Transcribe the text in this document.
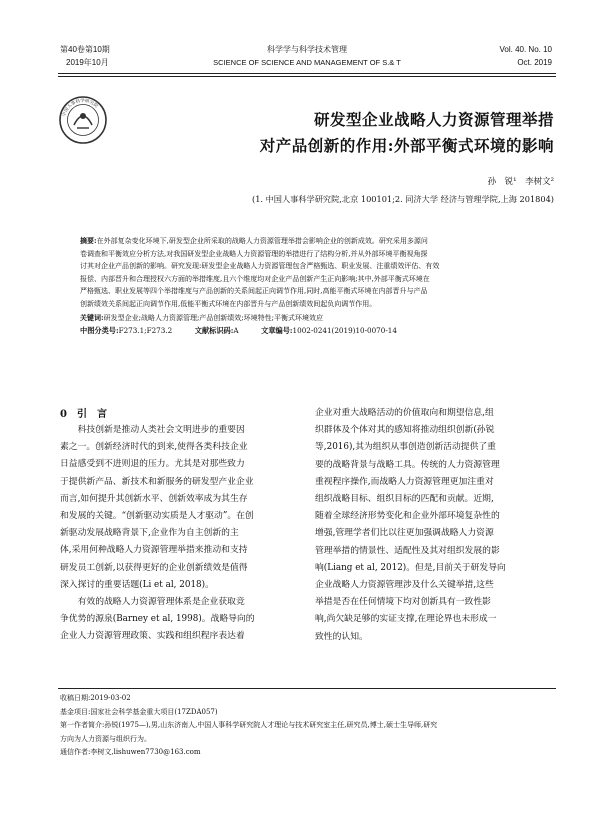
第40卷第10期
2019年10月
科学学与科学技术管理
SCIENCE OF SCIENCE AND MANAGEMENT OF S.& T
Vol. 40. No. 10
Oct. 2019
中国人事科学研究院
研发型企业战略人力资源管理举措
对产品创新的作用:外部平衡式环境的影响
孙　锐¹　李树文²
(1. 中国人事科学研究院,北京 100101;2. 同济大学 经济与管理学院,上海 201804)
摘要:在外部复杂变化环境下,研发型企业所采取的战略人力资源管理举措会影响企业的创新成效。研究采用多源问
卷调查和平衡效应分析方法,对我国研发型企业战略人力资源管理的举措进行了结构分析,并从外部环境平衡视角探
讨其对企业产品创新的影响。研究发现:研发型企业战略人力资源管理包含严格甄选、职业发展、注重绩效评估、有效
报偿、内部晋升和合理授权六方面的举措维度,且六个维度均对企业产品创新产生正向影响;其中,外部平衡式环境在
严格甄选、职业发展等四个举措维度与产品创新的关系间起正向调节作用,同时,高能平衡式环境在内部晋升与产品
创新绩效关系间起正向调节作用,低能平衡式环境在内部晋升与产品创新绩效间起负向调节作用。
关键词:研发型企业;战略人力资源管理;产品创新绩效;环境特性;平衡式环境效应
中图分类号:F273.1;F273.2	文献标识码:A	文章编号:1002-0241(2019)10-0070-14
0　引　言

　　科技创新是推动人类社会文明进步的重要因

素之一。创新经济时代的到来,使得各类科技企业

日益感受到不进则退的压力。尤其是对那些致力

于提供新产品、新技术和新服务的研发型产业企业

而言,如何提升其创新水平、创新效率成为其生存

和发展的关键。“创新驱动实质是人才驱动”。在创

新驱动发展战略背景下,企业作为自主创新的主

体,采用何种战略人力资源管理举措来推动和支持

研发员工创新,以获得更好的企业创新绩效是值得

深入探讨的重要话题(Li et al, 2018)。

　　有效的战略人力资源管理体系是企业获取竞

争优势的源泉(Barney et al, 1998)。战略导向的

企业人力资源管理政策、实践和组织程序表达着

企业对重大战略活动的价值取向和期望信息,组

织群体及个体对其的感知将推动组织创新(孙锐

等,2016),其为组织从事创造创新活动提供了重

要的战略背景与战略工具。传统的人力资源管理

重视程序操作,而战略人力资源管理更加注重对

组织战略目标、组织目标的匹配和贡献。近期,

随着全球经济形势变化和企业外部环境复杂性的

增强,管理学者们比以往更加强调战略人力资源

管理举措的情景性、适配性及其对组织发展的影

响(Liang et al, 2012)。但是,目前关于研发导向

企业战略人力资源管理涉及什么关键举措,这些

举措是否在任何情境下均对创新具有一致性影

响,尚欠缺足够的实证支撑,在理论界也未形成一

致性的认知。

收稿日期:2019-03-02
基金项目:国家社会科学基金重大项目(17ZDA057)
第一作者简介:孙锐(1975—),男,山东济南人,中国人事科学研究院人才理论与技术研究室主任,研究员,博士,硕士生导师,研究
方向为人力资源与组织行为。
通信作者:李树文,lishuwen7730@163.com
